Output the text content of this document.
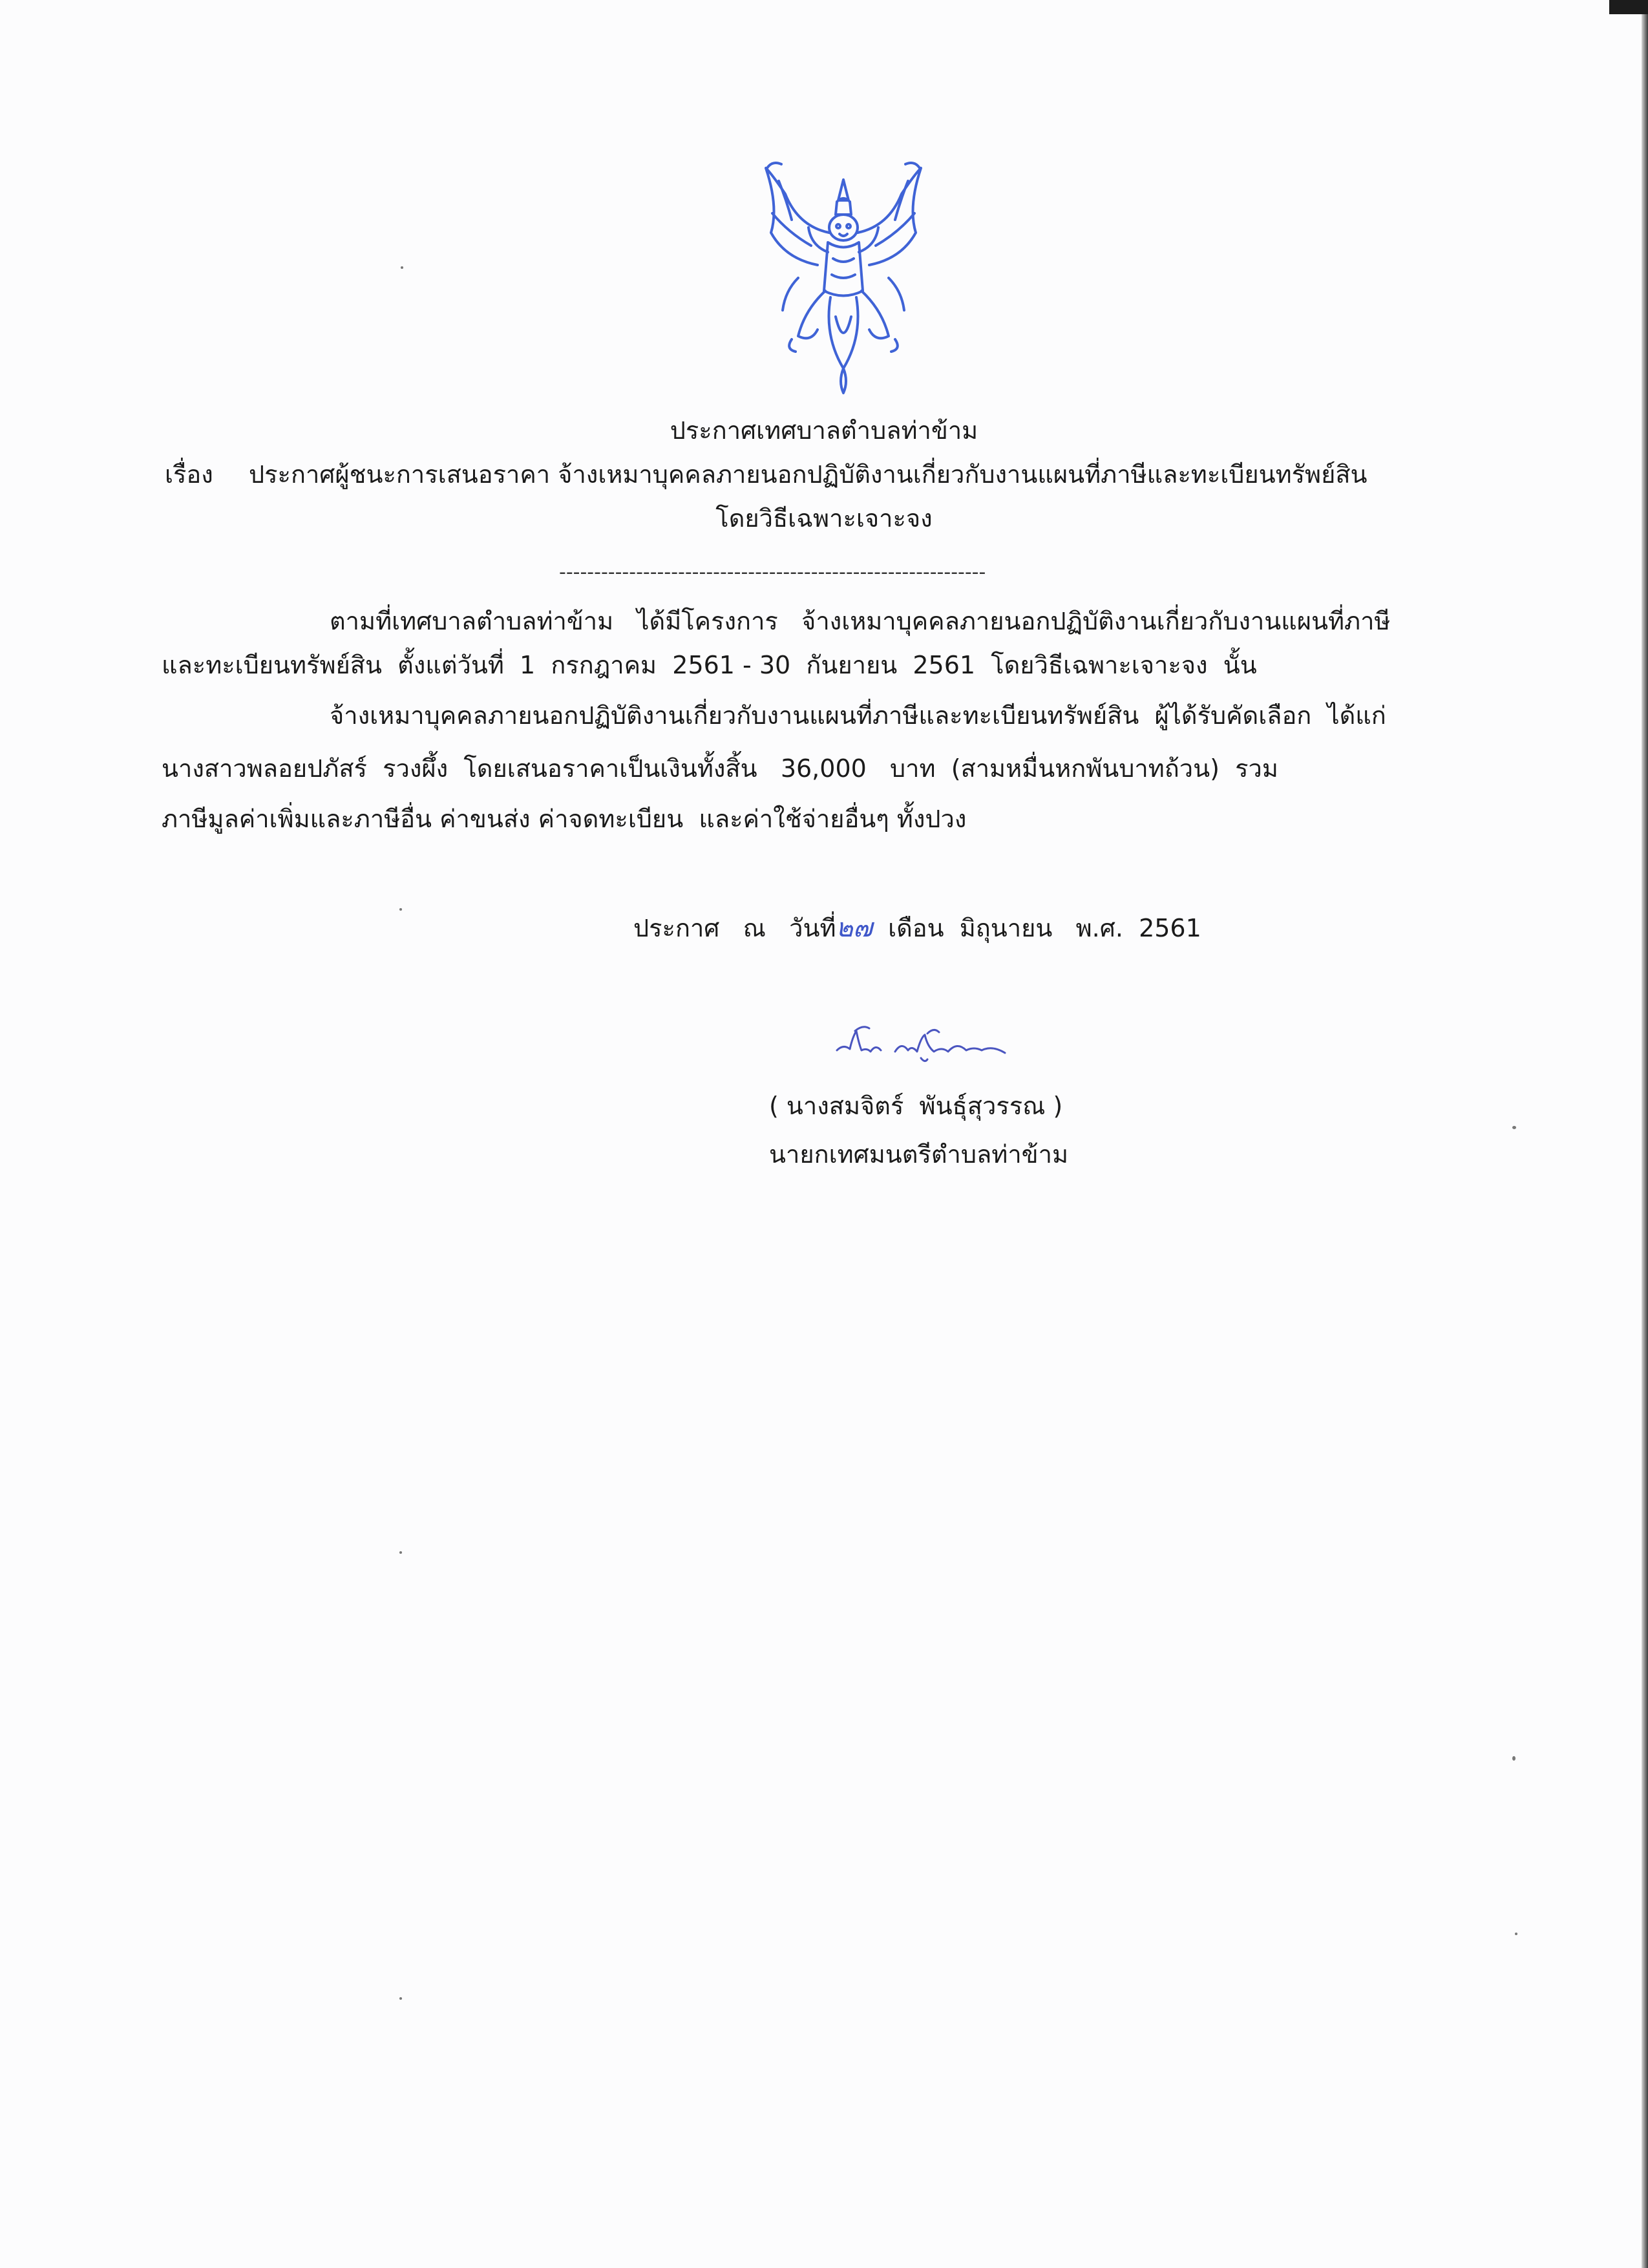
ประกาศเทศบาลตำบลท่าข้าม
เรื่อง ประกาศผู้ชนะการเสนอราคา จ้างเหมาบุคคลภายนอกปฏิบัติงานเกี่ยวกับงานแผนที่ภาษีและทะเบียนทรัพย์สิน
โดยวิธีเฉพาะเจาะจง
-------------------------------------------------------------
ตามที่เทศบาลตำบลท่าข้าม   ได้มีโครงการ   จ้างเหมาบุคคลภายนอกปฏิบัติงานเกี่ยวกับงานแผนที่ภาษี
และทะเบียนทรัพย์สิน  ตั้งแต่วันที่  1  กรกฎาคม  2561 - 30  กันยายน  2561  โดยวิธีเฉพาะเจาะจง  นั้น
จ้างเหมาบุคคลภายนอกปฏิบัติงานเกี่ยวกับงานแผนที่ภาษีและทะเบียนทรัพย์สิน  ผู้ได้รับคัดเลือก  ได้แก่
นางสาวพลอยปภัสร์  รวงผึ้ง  โดยเสนอราคาเป็นเงินทั้งสิ้น   36,000   บาท  (สามหมื่นหกพันบาทถ้วน)  รวม
ภาษีมูลค่าเพิ่มและภาษีอื่น ค่าขนส่ง ค่าจดทะเบียน  และค่าใช้จ่ายอื่นๆ ทั้งปวง
ประกาศ   ณ   วันที่๒๗  เดือน  มิถุนายน   พ.ศ.  2561
( นางสมจิตร์  พันธุ์สุวรรณ )
นายกเทศมนตรีตำบลท่าข้าม
